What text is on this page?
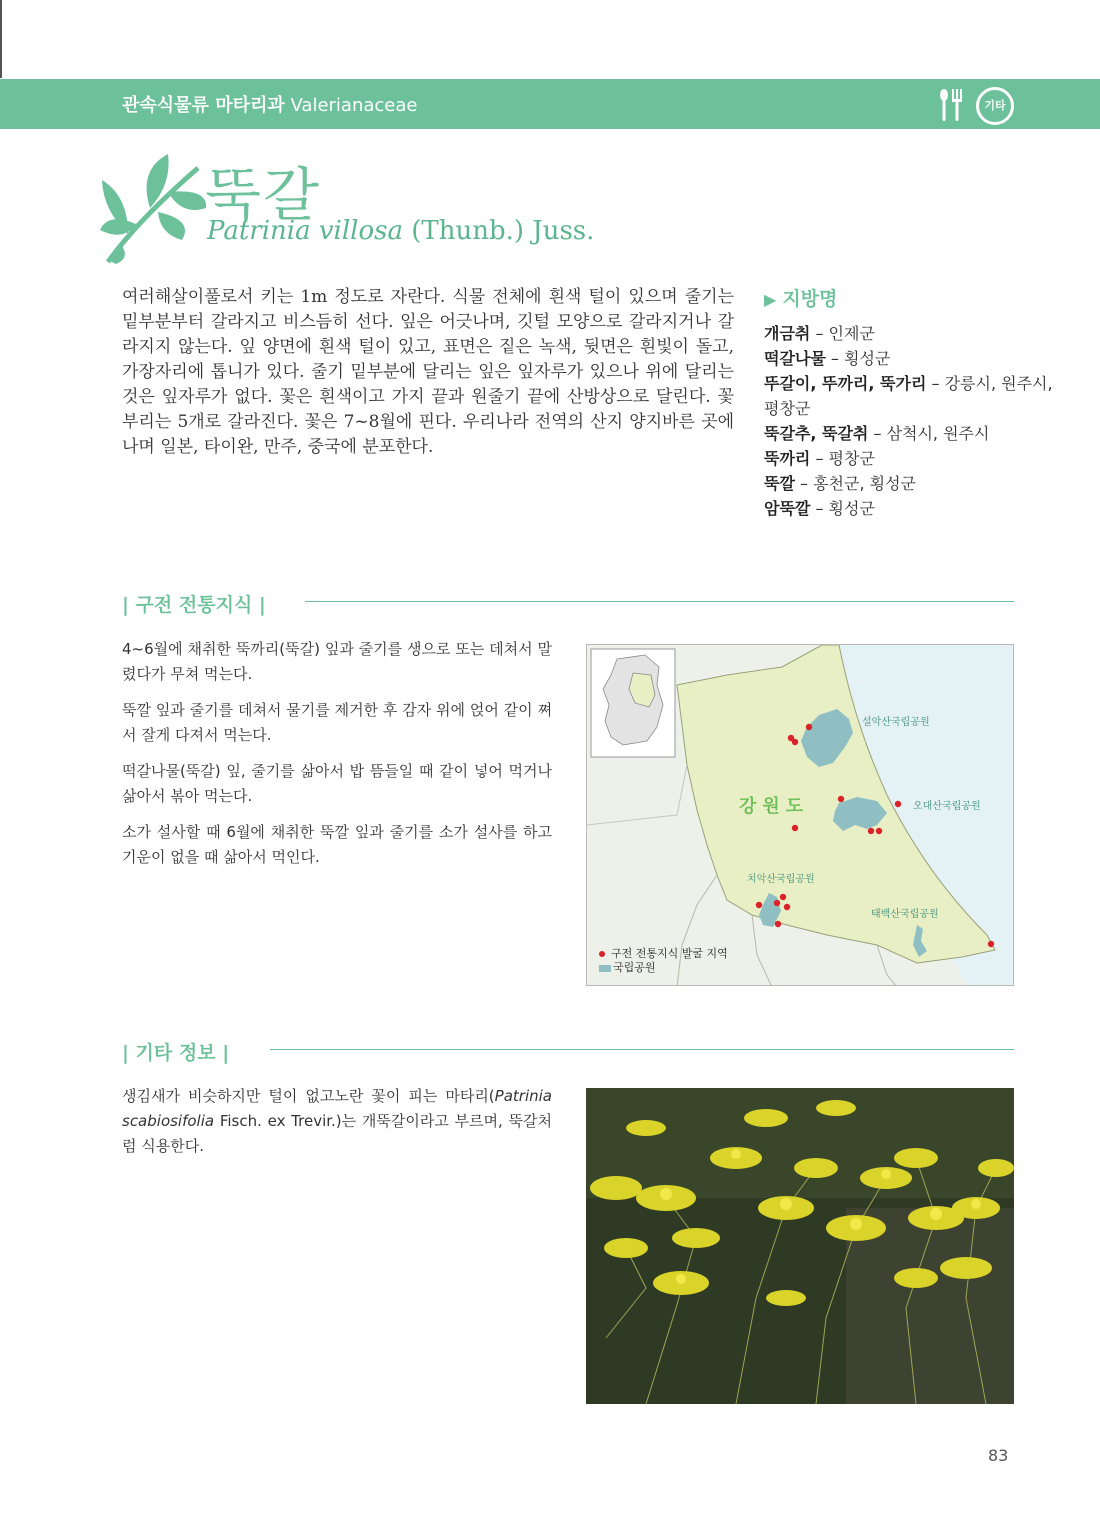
관속식물류 마타리과 Valerianaceae	기타
뚝갈
Patrinia villosa (Thunb.) Juss.
여러해살이풀로서 키는 1m 정도로 자란다. 식물 전체에 흰색 털이 있으며 줄기는 밑부분부터 갈라지고 비스듬히 선다. 잎은 어긋나며, 깃털 모양으로 갈라지거나 갈라지지 않는다. 잎 양면에 흰색 털이 있고, 표면은 짙은 녹색, 뒷면은 흰빛이 돌고, 가장자리에 톱니가 있다. 줄기 밑부분에 달리는 잎은 잎자루가 있으나 위에 달리는 것은 잎자루가 없다. 꽃은 흰색이고 가지 끝과 원줄기 끝에 산방상으로 달린다. 꽃부리는 5개로 갈라진다. 꽃은 7~8월에 핀다. 우리나라 전역의 산지 양지바른 곳에 나며 일본, 타이완, 만주, 중국에 분포한다.
▶ 지방명
개금취 – 인제군
떡갈나물 – 횡성군
뚜갈이, 뚜까리, 뚝가리 – 강릉시, 원주시, 평창군
뚝갈추, 뚝갈취 – 삼척시, 원주시
뚝까리 – 평창군
뚝깔 – 홍천군, 횡성군
암뚝깔 – 횡성군
| 구전 전통지식 |

4~6월에 채취한 뚝까리(뚝갈) 잎과 줄기를 생으로 또는 데쳐서 말렸다가 무쳐 먹는다.

뚝깔 잎과 줄기를 데쳐서 물기를 제거한 후 감자 위에 얹어 같이 쪄서 잘게 다져서 먹는다.

떡갈나물(뚝갈) 잎, 줄기를 삶아서 밥 뜸들일 때 같이 넣어 먹거나 삶아서 볶아 먹는다.

소가 설사할 때 6월에 채취한 뚝깔 잎과 줄기를 소가 설사를 하고 기운이 없을 때 삶아서 먹인다.

강원도
설악산국립공원
오대산국립공원
치악산국립공원
태백산국립공원
구전 전통지식 발굴 지역
국립공원
| 기타 정보 |

생김새가 비슷하지만 털이 없고노란 꽃이 피는 마타리(Patrinia scabiosifolia Fisch. ex Trevir.)는 개뚝갈이라고 부르며, 뚝갈처럼 식용한다.

83
